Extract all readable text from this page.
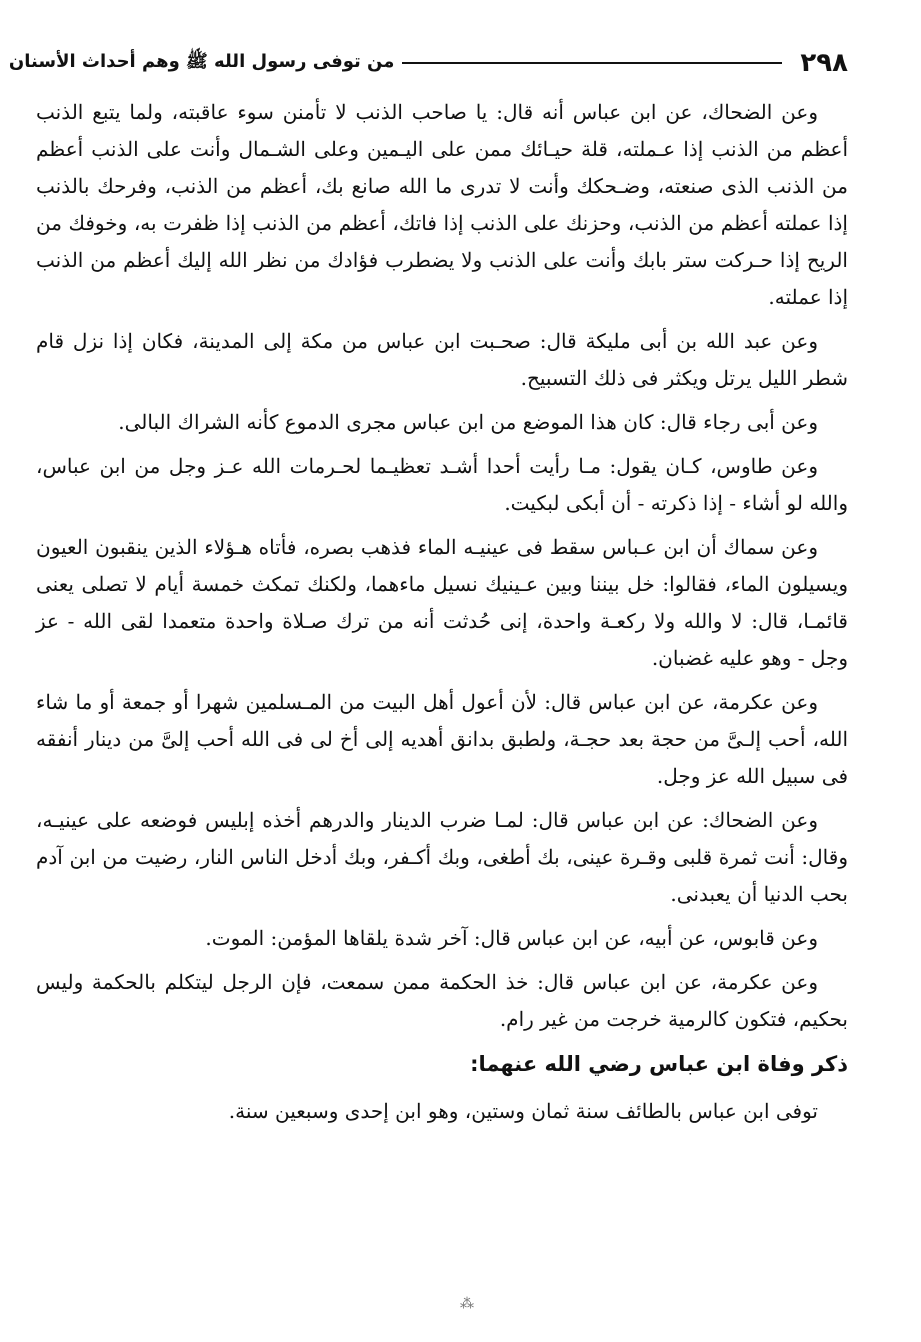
٢٩٨
من توفى رسول الله ﷺ وهم أحداث الأسنان

وعن الضحاك، عن ابن عباس أنه قال: يا صاحب الذنب لا تأمنن سوء عاقبته، ولما يتبع الذنب أعظم من الذنب إذا عـملته، قلة حيـائك ممن على اليـمين وعلى الشـمال وأنت على الذنب أعظم من الذنب الذى صنعته، وضـحكك وأنت لا تدرى ما الله صانع بك، أعظم من الذنب، وفرحك بالذنب إذا عملته أعظم من الذنب، وحزنك على الذنب إذا فاتك، أعظم من الذنب إذا ظفرت به، وخوفك من الريح إذا حـركت ستر بابك وأنت على الذنب ولا يضطرب فؤادك من نظر الله إليك أعظم من الذنب إذا عملته.

وعن عبد الله بن أبى مليكة قال: صحـبت ابن عباس من مكة إلى المدينة، فكان إذا نزل قام شطر الليل يرتل ويكثر فى ذلك التسبيح.

وعن أبى رجاء قال: كان هذا الموضع من ابن عباس مجرى الدموع كأنه الشراك البالى.

وعن طاوس، كـان يقول: مـا رأيت أحدا أشـد تعظيـما لحـرمات الله عـز وجل من ابن عباس، والله لو أشاء - إذا ذكرته - أن أبكى لبكيت.

وعن سماك أن ابن عـباس سقط فى عينيـه الماء فذهب بصره، فأتاه هـؤلاء الذين ينقبون العيون ويسيلون الماء، فقالوا: خل بيننا وبين عـينيك نسيل ماءهما، ولكنك تمكث خمسة أيام لا تصلى يعنى قائمـا، قال: لا والله ولا ركعـة واحدة، إنى حُدثت أنه من ترك صـلاة واحدة متعمدا لقى الله - عز وجل - وهو عليه غضبان.

وعن عكرمة، عن ابن عباس قال: لأن أعول أهل البيت من المـسلمين شهرا أو جمعة أو ما شاء الله، أحب إلـىَّ من حجة بعد حجـة، ولطبق بدانق أهديه إلى أخ لى فى الله أحب إلىَّ من دينار أنفقه فى سبيل الله عز وجل.

وعن الضحاك: عن ابن عباس قال: لمـا ضرب الدينار والدرهم أخذه إبليس فوضعه على عينيـه، وقال: أنت ثمرة قلبى وقـرة عينى، بك أطغى، وبك أكـفر، وبك أدخل الناس النار، رضيت من ابن آدم بحب الدنيا أن يعبدنى.

وعن قابوس، عن أبيه، عن ابن عباس قال: آخر شدة يلقاها المؤمن: الموت.

وعن عكرمة، عن ابن عباس قال: خذ الحكمة ممن سمعت، فإن الرجل ليتكلم بالحكمة وليس بحكيم، فتكون كالرمية خرجت من غير رام.

ذكر وفاة ابن عباس رضي الله عنهما:

توفى ابن عباس بالطائف سنة ثمان وستين، وهو ابن إحدى وسبعين سنة.

⁂
